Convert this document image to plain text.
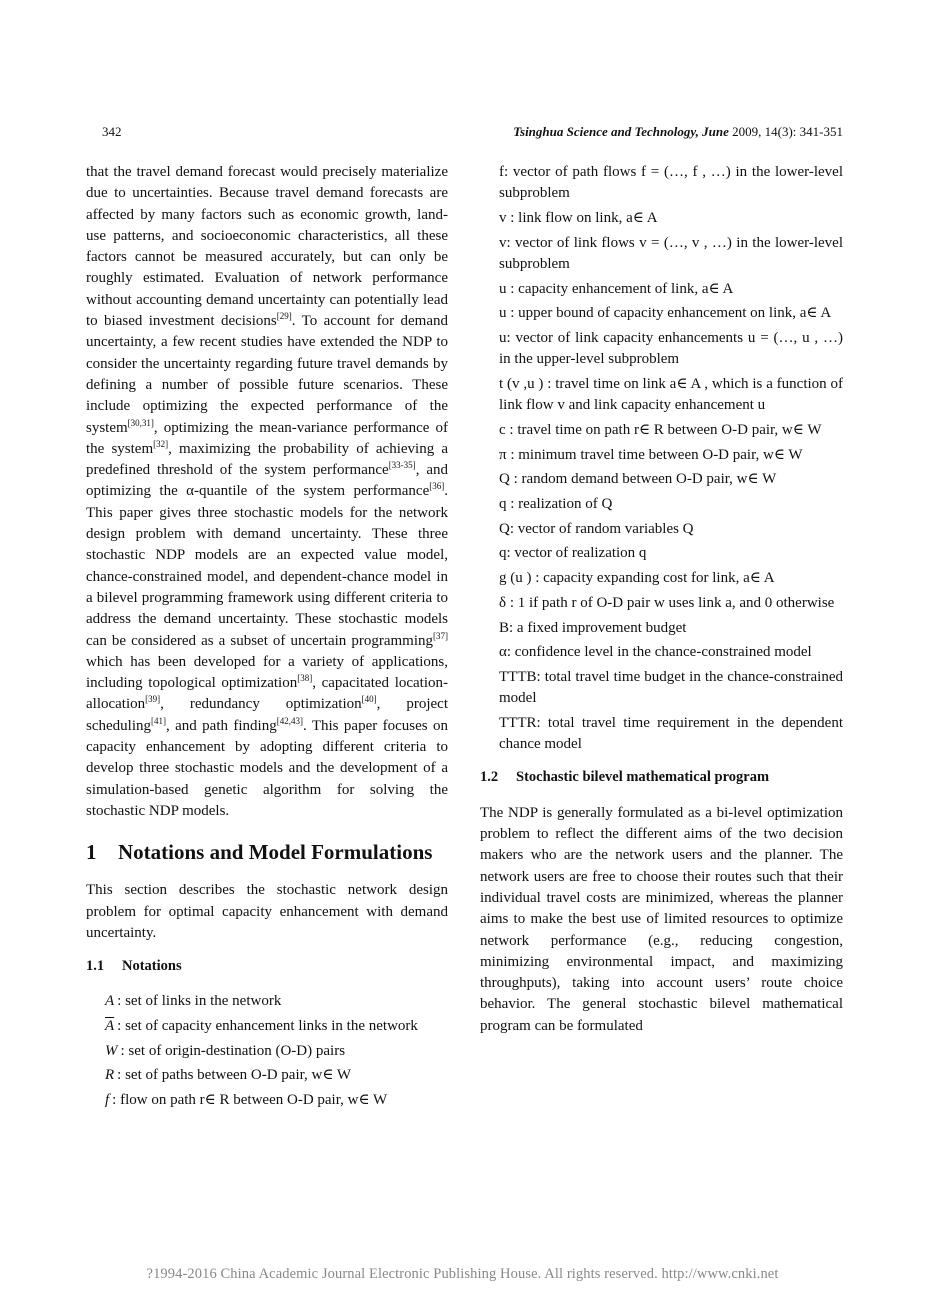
342	Tsinghua Science and Technology, June 2009, 14(3): 341-351

that the travel demand forecast would precisely materialize due to uncertainties. Because travel demand forecasts are affected by many factors such as economic growth, land-use patterns, and socioeconomic characteristics, all these factors cannot be measured accurately, but can only be roughly estimated. Evaluation of network performance without accounting demand uncertainty can potentially lead to biased investment decisions[29]. To account for demand uncertainty, a few recent studies have extended the NDP to consider the uncertainty regarding future travel demands by defining a number of possible future scenarios. These include optimizing the expected performance of the system[30,31], optimizing the mean-variance performance of the system[32], maximizing the probability of achieving a predefined threshold of the system performance[33-35], and optimizing the α-quantile of the system performance[36]. This paper gives three stochastic models for the network design problem with demand uncertainty. These three stochastic NDP models are an expected value model, chance-constrained model, and dependent-chance model in a bilevel programming framework using different criteria to address the demand uncertainty. These stochastic models can be considered as a subset of uncertain programming[37] which has been developed for a variety of applications, including topological optimization[38], capacitated location-allocation[39], redundancy optimization[40], project scheduling[41], and path finding[42,43]. This paper focuses on capacity enhancement by adopting different criteria to develop three stochastic models and the development of a simulation-based genetic algorithm for solving the stochastic NDP models.

1 Notations and Model Formulations

This section describes the stochastic network design problem for optimal capacity enhancement with demand uncertainty.

1.1 Notations

A : set of links in the network

$\overline{A}$ : set of capacity enhancement links in the network

W : set of origin-destination (O-D) pairs

R : set of paths between O-D pair, w∈ W

f : flow on path r∈ R between O-D pair, w∈ W

f: vector of path flows f = (…, f , …) in the lower-level subproblem

v : link flow on link, a∈ A

v: vector of link flows v = (…, v , …) in the lower-level subproblem

u : capacity enhancement of link, a∈ A

u : upper bound of capacity enhancement on link, a∈ A

u: vector of link capacity enhancements u = (…, u , …) in the upper-level subproblem

t (v ,u ) : travel time on link a∈ A , which is a function of link flow v and link capacity enhancement u

c : travel time on path r∈ R between O-D pair, w∈ W

π : minimum travel time between O-D pair, w∈ W

Q : random demand between O-D pair, w∈ W

q : realization of Q

Q: vector of random variables Q

q: vector of realization q

g (u ) : capacity expanding cost for link, a∈ A

δ : 1 if path r of O-D pair w uses link a, and 0 otherwise

B: a fixed improvement budget

α: confidence level in the chance-constrained model

TTTB: total travel time budget in the chance-constrained model

TTTR: total travel time requirement in the dependent chance model

1.2 Stochastic bilevel mathematical program

The NDP is generally formulated as a bi-level optimization problem to reflect the different aims of the two decision makers who are the network users and the planner. The network users are free to choose their routes such that their individual travel costs are minimized, whereas the planner aims to make the best use of limited resources to optimize network performance (e.g., reducing congestion, minimizing environmental impact, and maximizing throughputs), taking into account users’ route choice behavior. The general stochastic bilevel mathematical program can be formulated

?1994-2016 China Academic Journal Electronic Publishing House. All rights reserved. http://www.cnki.net
